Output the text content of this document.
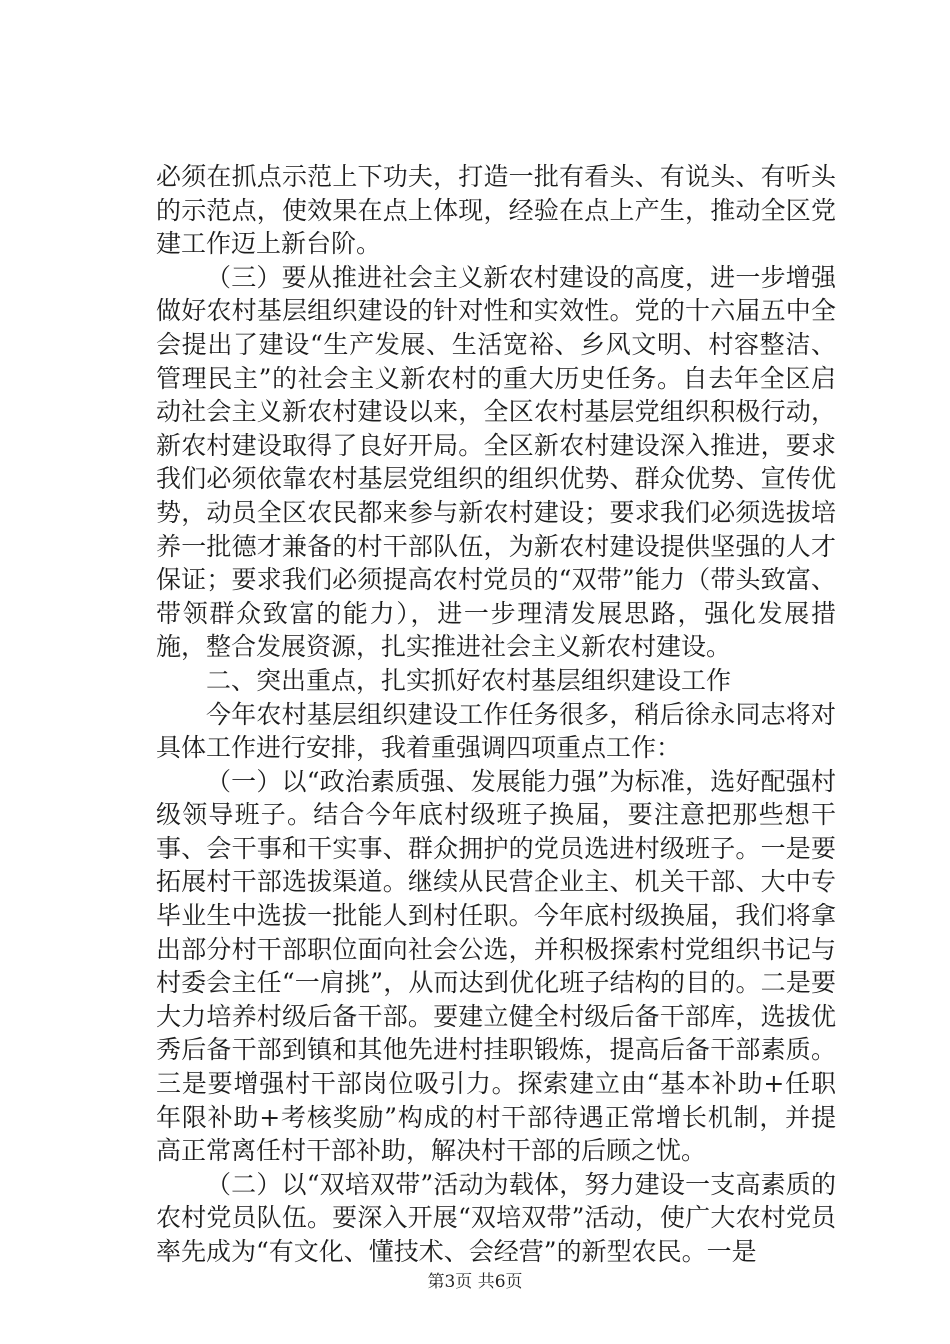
必须在抓点示范上下功夫，打造一批有看头、有说头、有听头的示范点，使效果在点上体现，经验在点上产生，推动全区党建工作迈上新台阶。

（三）要从推进社会主义新农村建设的高度，进一步增强做好农村基层组织建设的针对性和实效性。党的十六届五中全会提出了建设“生产发展、生活宽裕、乡风文明、村容整洁、管理民主”的社会主义新农村的重大历史任务。自去年全区启动社会主义新农村建设以来，全区农村基层党组织积极行动，新农村建设取得了良好开局。全区新农村建设深入推进，要求我们必须依靠农村基层党组织的组织优势、群众优势、宣传优势，动员全区农民都来参与新农村建设；要求我们必须选拔培养一批德才兼备的村干部队伍，为新农村建设提供坚强的人才保证；要求我们必须提高农村党员的“双带”能力（带头致富、带领群众致富的能力），进一步理清发展思路，强化发展措施，整合发展资源，扎实推进社会主义新农村建设。

二、突出重点，扎实抓好农村基层组织建设工作

今年农村基层组织建设工作任务很多，稍后徐永同志将对具体工作进行安排，我着重强调四项重点工作：

（一）以“政治素质强、发展能力强”为标准，选好配强村级领导班子。结合今年底村级班子换届，要注意把那些想干事、会干事和干实事、群众拥护的党员选进村级班子。一是要拓展村干部选拔渠道。继续从民营企业主、机关干部、大中专毕业生中选拔一批能人到村任职。今年底村级换届，我们将拿出部分村干部职位面向社会公选，并积极探索村党组织书记与村委会主任“一肩挑”，从而达到优化班子结构的目的。二是要大力培养村级后备干部。要建立健全村级后备干部库，选拔优秀后备干部到镇和其他先进村挂职锻炼，提高后备干部素质。三是要增强村干部岗位吸引力。探索建立由“基本补助+任职年限补助+考核奖励”构成的村干部待遇正常增长机制，并提高正常离任村干部补助，解决村干部的后顾之忧。

（二）以“双培双带”活动为载体，努力建设一支高素质的农村党员队伍。要深入开展“双培双带”活动，使广大农村党员率先成为“有文化、懂技术、会经营”的新型农民。一是

第3页 共6页
